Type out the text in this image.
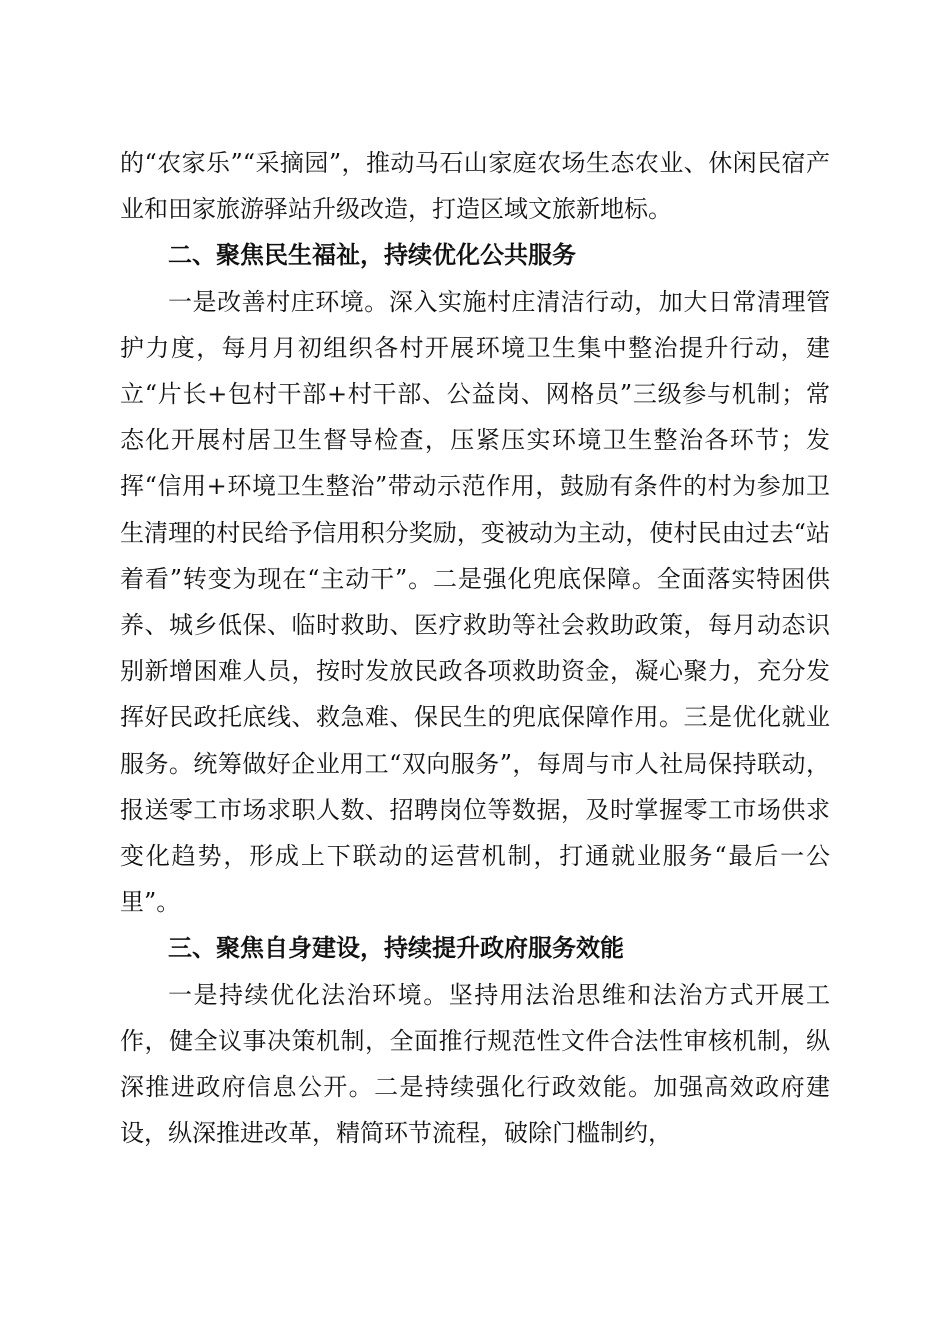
的“农家乐”“采摘园”，推动马石山家庭农场生态农业、休闲民宿产业和田家旅游驿站升级改造，打造区域文旅新地标。

二、聚焦民生福祉，持续优化公共服务

一是改善村庄环境。深入实施村庄清洁行动，加大日常清理管护力度，每月月初组织各村开展环境卫生集中整治提升行动，建立“片长+包村干部+村干部、公益岗、网格员”三级参与机制；常态化开展村居卫生督导检查，压紧压实环境卫生整治各环节；发挥“信用+环境卫生整治”带动示范作用，鼓励有条件的村为参加卫生清理的村民给予信用积分奖励，变被动为主动，使村民由过去“站着看”转变为现在“主动干”。二是强化兜底保障。全面落实特困供养、城乡低保、临时救助、医疗救助等社会救助政策，每月动态识别新增困难人员，按时发放民政各项救助资金，凝心聚力，充分发挥好民政托底线、救急难、保民生的兜底保障作用。三是优化就业服务。统筹做好企业用工“双向服务”，每周与市人社局保持联动，报送零工市场求职人数、招聘岗位等数据，及时掌握零工市场供求变化趋势，形成上下联动的运营机制，打通就业服务“最后一公里”。

三、聚焦自身建设，持续提升政府服务效能

一是持续优化法治环境。坚持用法治思维和法治方式开展工作，健全议事决策机制，全面推行规范性文件合法性审核机制，纵深推进政府信息公开。二是持续强化行政效能。加强高效政府建设，纵深推进改革，精简环节流程，破除门槛制约，
